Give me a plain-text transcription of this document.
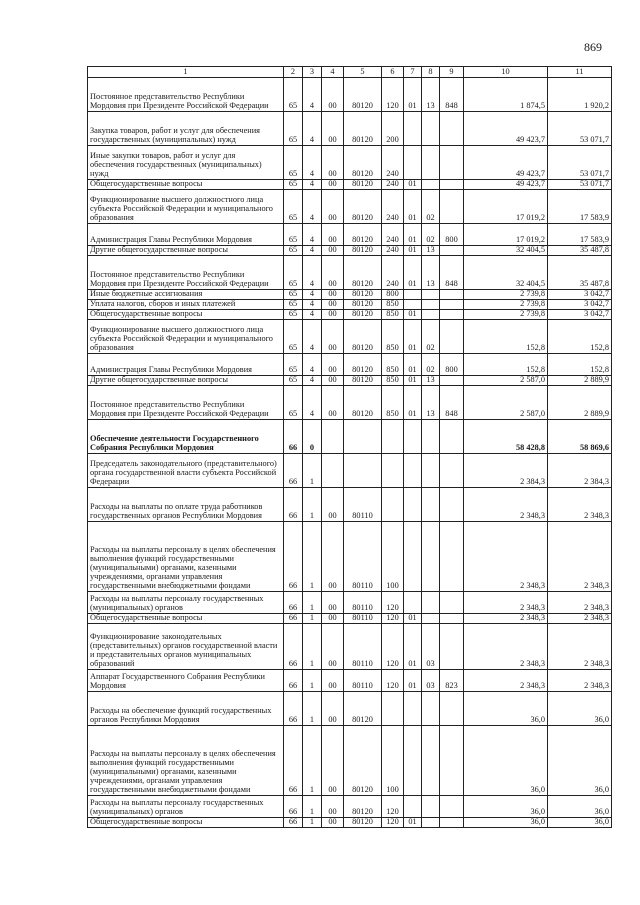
869
1	2	3	4	5	6	7	8	9	10	11
Постоянное представительство Республики Мордовия при Президенте Российской Федерации	65	4	00	80120	120	01	13	848	1 874,5	1 920,2
Закупка товаров, работ и услуг для обеспечения государственных (муниципальных) нужд	65	4	00	80120	200				49 423,7	53 071,7
Иные закупки товаров, работ и услуг для обеспечения государственных (муниципальных) нужд	65	4	00	80120	240				49 423,7	53 071,7
Общегосударственные вопросы	65	4	00	80120	240	01			49 423,7	53 071,7
Функционирование высшего должностного лица субъекта Российской Федерации и муниципального образования	65	4	00	80120	240	01	02		17 019,2	17 583,9
Администрация Главы Республики Мордовия	65	4	00	80120	240	01	02	800	17 019,2	17 583,9
Другие общегосударственные вопросы	65	4	00	80120	240	01	13		32 404,5	35 487,8
Постоянное представительство Республики Мордовия при Президенте Российской Федерации	65	4	00	80120	240	01	13	848	32 404,5	35 487,8
Иные бюджетные ассигнования	65	4	00	80120	800				2 739,8	3 042,7
Уплата налогов, сборов и иных платежей	65	4	00	80120	850				2 739,8	3 042,7
Общегосударственные вопросы	65	4	00	80120	850	01			2 739,8	3 042,7
Функционирование высшего должностного лица субъекта Российской Федерации и муниципального образования	65	4	00	80120	850	01	02		152,8	152,8
Администрация Главы Республики Мордовия	65	4	00	80120	850	01	02	800	152,8	152,8
Другие общегосударственные вопросы	65	4	00	80120	850	01	13		2 587,0	2 889,9
Постоянное представительство Республики Мордовия при Президенте Российской Федерации	65	4	00	80120	850	01	13	848	2 587,0	2 889,9
Обеспечение деятельности Государственного Собрания Республики Мордовия	66	0							58 428,8	58 869,6
Председатель законодательного (представительного) органа государственной власти субъекта Российской Федерации	66	1							2 384,3	2 384,3
Расходы на выплаты по оплате труда работников государственных органов Республики Мордовия	66	1	00	80110					2 348,3	2 348,3
Расходы на выплаты персоналу в целях обеспечения выполнения функций государственными (муниципальными) органами, казенными учреждениями, органами управления государственными внебюджетными фондами	66	1	00	80110	100				2 348,3	2 348,3
Расходы на выплаты персоналу государственных (муниципальных) органов	66	1	00	80110	120				2 348,3	2 348,3
Общегосударственные вопросы	66	1	00	80110	120	01			2 348,3	2 348,3
Функционирование законодательных (представительных) органов государственной власти и представительных органов муниципальных образований	66	1	00	80110	120	01	03		2 348,3	2 348,3
Аппарат Государственного Собрания Республики Мордовия	66	1	00	80110	120	01	03	823	2 348,3	2 348,3
Расходы на обеспечение функций государственных органов Республики Мордовия	66	1	00	80120					36,0	36,0
Расходы на выплаты персоналу в целях обеспечения выполнения функций государственными (муниципальными) органами, казенными учреждениями, органами управления государственными внебюджетными фондами	66	1	00	80120	100				36,0	36,0
Расходы на выплаты персоналу государственных (муниципальных) органов	66	1	00	80120	120				36,0	36,0
Общегосударственные вопросы	66	1	00	80120	120	01			36,0	36,0
